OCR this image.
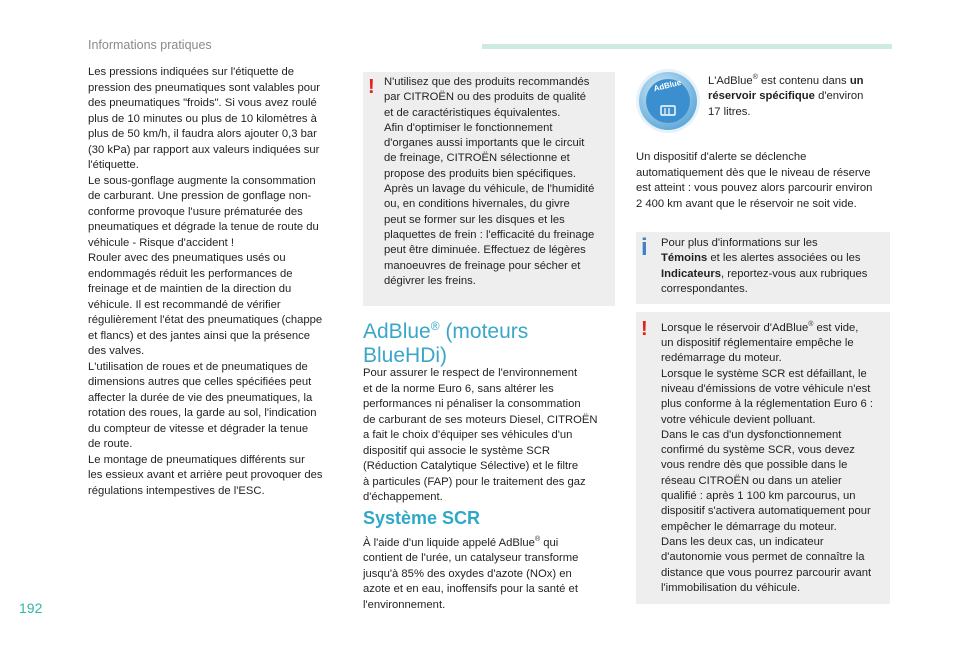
Informations pratiques

Les pressions indiquées sur l'étiquette de
pression des pneumatiques sont valables pour
des pneumatiques "froids". Si vous avez roulé
plus de 10 minutes ou plus de 10 kilomètres à
plus de 50 km/h, il faudra alors ajouter 0,3 bar
(30 kPa) par rapport aux valeurs indiquées sur
l'étiquette.
Le sous-gonflage augmente la consommation
de carburant. Une pression de gonflage non-
conforme provoque l'usure prématurée des
pneumatiques et dégrade la tenue de route du
véhicule - Risque d'accident !
Rouler avec des pneumatiques usés ou
endommagés réduit les performances de
freinage et de maintien de la direction du
véhicule. Il est recommandé de vérifier
régulièrement l'état des pneumatiques (chappe
et flancs) et des jantes ainsi que la présence
des valves.
L'utilisation de roues et de pneumatiques de
dimensions autres que celles spécifiées peut
affecter la durée de vie des pneumatiques, la
rotation des roues, la garde au sol, l'indication
du compteur de vitesse et dégrader la tenue
de route.
Le montage de pneumatiques différents sur
les essieux avant et arrière peut provoquer des
régulations intempestives de l'ESC.

! N'utilisez que des produits recommandés
par CITROËN ou des produits de qualité
et de caractéristiques équivalentes.
Afin d'optimiser le fonctionnement
d'organes aussi importants que le circuit
de freinage, CITROËN sélectionne et
propose des produits bien spécifiques.
Après un lavage du véhicule, de l'humidité
ou, en conditions hivernales, du givre
peut se former sur les disques et les
plaquettes de frein : l'efficacité du freinage
peut être diminuée. Effectuez de légères
manoeuvres de freinage pour sécher et
dégivrer les freins.
AdBlue® (moteurs
BlueHDi)

Pour assurer le respect de l'environnement
et de la norme Euro 6, sans altérer les
performances ni pénaliser la consommation
de carburant de ses moteurs Diesel, CITROËN
a fait le choix d'équiper ses véhicules d'un
dispositif qui associe le système SCR
(Réduction Catalytique Sélective) et le filtre
à particules (FAP) pour le traitement des gaz
d'échappement.

Système SCR

À l'aide d'un liquide appelé AdBlue® qui
contient de l'urée, un catalyseur transforme
jusqu'à 85% des oxydes d'azote (NOx) en
azote et en eau, inoffensifs pour la santé et
l'environnement.

AdBlue L'AdBlue® est contenu dans un
réservoir spécifique d'environ
17 litres.

Un dispositif d'alerte se déclenche
automatiquement dès que le niveau de réserve
est atteint : vous pouvez alors parcourir environ
2 400 km avant que le réservoir ne soit vide.

i Pour plus d'informations sur les
Témoins et les alertes associées ou les
Indicateurs, reportez-vous aux rubriques
correspondantes.
! Lorsque le réservoir d'AdBlue® est vide,
un dispositif réglementaire empêche le
redémarrage du moteur.
Lorsque le système SCR est défaillant, le
niveau d'émissions de votre véhicule n'est
plus conforme à la réglementation Euro 6 :
votre véhicule devient polluant.
Dans le cas d'un dysfonctionnement
confirmé du système SCR, vous devez
vous rendre dès que possible dans le
réseau CITROËN ou dans un atelier
qualifié : après 1 100 km parcourus, un
dispositif s'activera automatiquement pour
empêcher le démarrage du moteur.
Dans les deux cas, un indicateur
d'autonomie vous permet de connaître la
distance que vous pourrez parcourir avant
l'immobilisation du véhicule.
192
